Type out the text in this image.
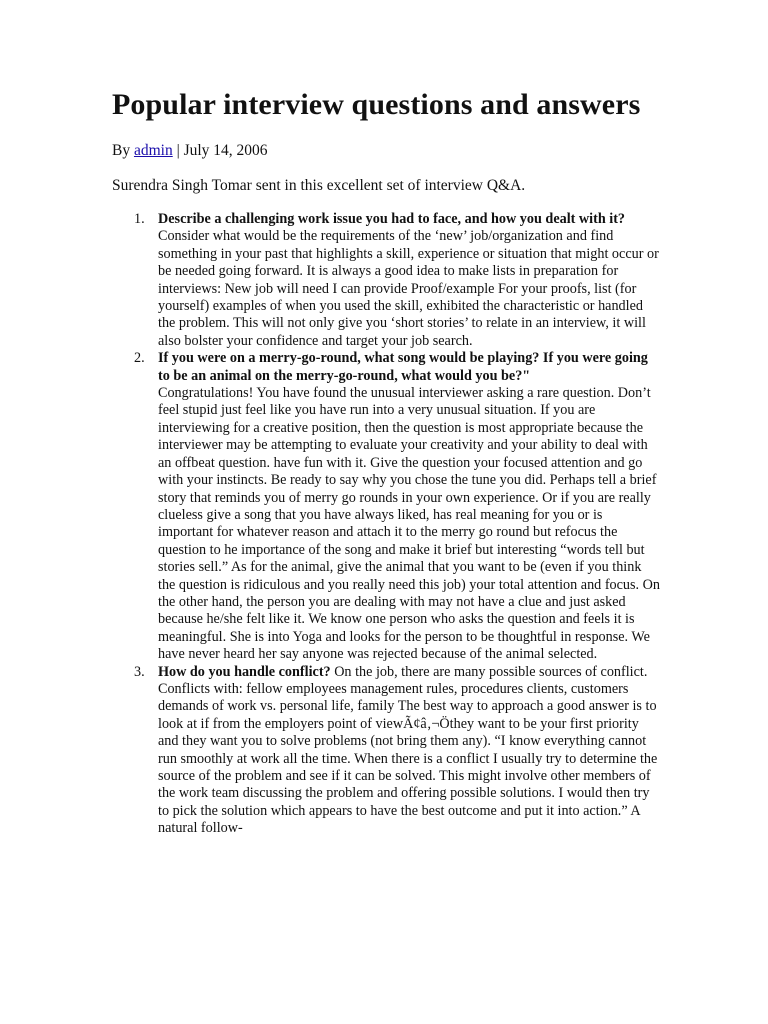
Popular interview questions and answers
By admin | July 14, 2006
Surendra Singh Tomar sent in this excellent set of interview Q&A.
1. Describe a challenging work issue you had to face, and how you dealt with it?
Consider what would be the requirements of the ‘new’ job/organization and find something in your past that highlights a skill, experience or situation that might occur or be needed going forward. It is always a good idea to make lists in preparation for interviews: New job will need I can provide Proof/example For your proofs, list (for yourself) examples of when you used the skill, exhibited the characteristic or handled the problem. This will not only give you ‘short stories’ to relate in an interview, it will also bolster your confidence and target your job search.
2. If you were on a merry-go-round, what song would be playing? If you were going to be an animal on the merry-go-round, what would you be?"
Congratulations! You have found the unusual interviewer asking a rare question. Don’t feel stupid just feel like you have run into a very unusual situation. If you are interviewing for a creative position, then the question is most appropriate because the interviewer may be attempting to evaluate your creativity and your ability to deal with an offbeat question. have fun with it. Give the question your focused attention and go with your instincts. Be ready to say why you chose the tune you did. Perhaps tell a brief story that reminds you of merry go rounds in your own experience. Or if you are really clueless give a song that you have always liked, has real meaning for you or is important for whatever reason and attach it to the merry go round but refocus the question to he importance of the song and make it brief but interesting “words tell but stories sell.” As for the animal, give the animal that you want to be (even if you think the question is ridiculous and you really need this job) your total attention and focus. On the other hand, the person you are dealing with may not have a clue and just asked because he/she felt like it. We know one person who asks the question and feels it is meaningful. She is into Yoga and looks for the person to be thoughtful in response. We have never heard her say anyone was rejected because of the animal selected.
3. How do you handle conflict? On the job, there are many possible sources of conflict. Conflicts with: fellow employees management rules, procedures clients, customers demands of work vs. personal life, family The best way to approach a good answer is to look at if from the employers point of viewÃ¢â‚¬Öthey want to be your first priority and they want you to solve problems (not bring them any). “I know everything cannot run smoothly at work all the time. When there is a conflict I usually try to determine the source of the problem and see if it can be solved. This might involve other members of the work team discussing the problem and offering possible solutions. I would then try to pick the solution which appears to have the best outcome and put it into action.” A natural follow-
